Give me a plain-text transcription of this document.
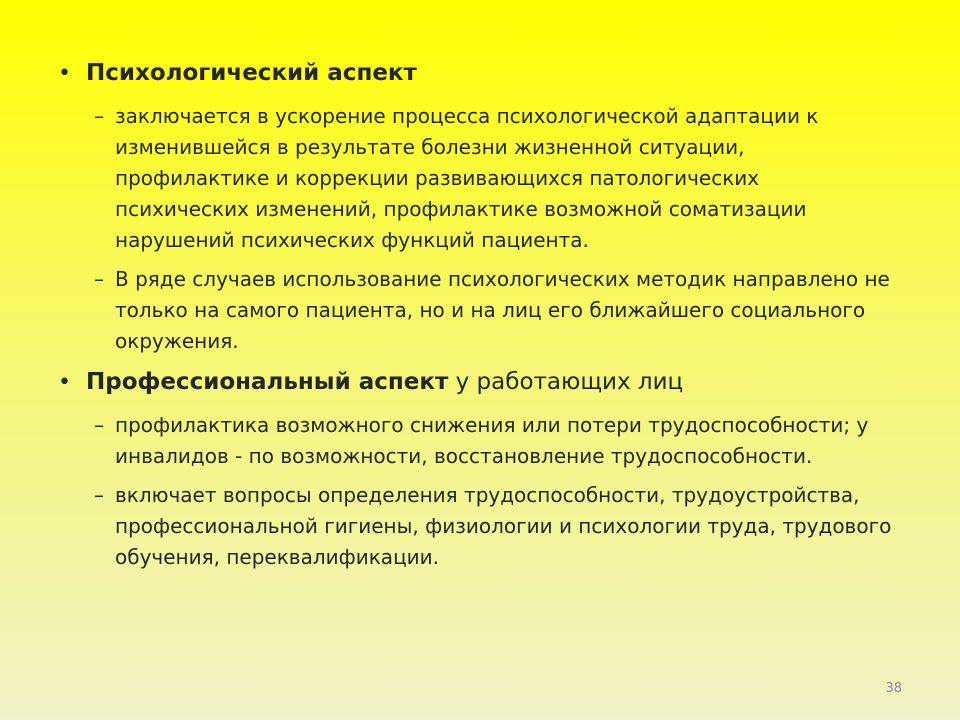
• Психологический аспект
– заключается в ускорение процесса психологической адаптации к изменившейся в результате болезни жизненной ситуации, профилактике и коррекции развивающихся патологических психических изменений, профилактике возможной соматизации нарушений психических функций пациента.
– В ряде случаев использование психологических методик направлено не только на самого пациента, но и на лиц его ближайшего социального окружения.
• Профессиональный аспект у работающих лиц
– профилактика возможного снижения или потери трудоспособности; у инвалидов - по возможности, восстановление трудоспособности.
– включает вопросы определения трудоспособности, трудоустройства, профессиональной гигиены, физиологии и психологии труда, трудового обучения, переквалификации.
38
